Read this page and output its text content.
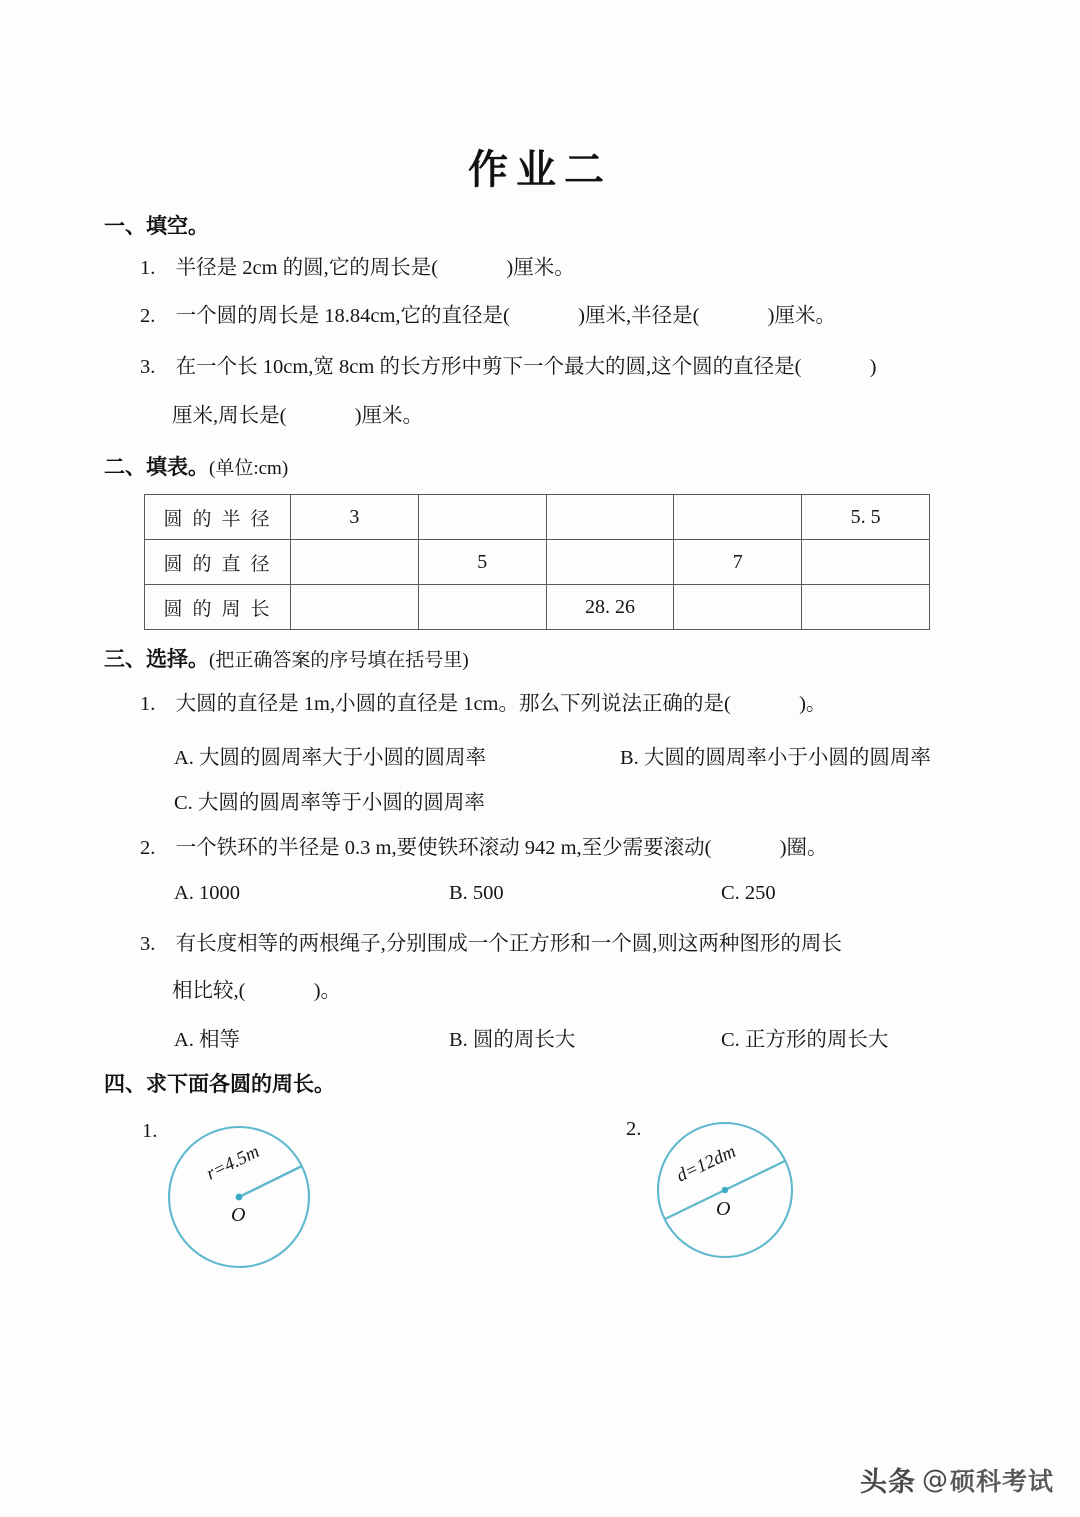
作业二
一、填空。
1. 半径是 2cm 的圆,它的周长是(	)厘米。
2. 一个圆的周长是 18.84cm,它的直径是(	)厘米,半径是(	)厘米。
3. 在一个长 10cm,宽 8cm 的长方形中剪下一个最大的圆,这个圆的直径是(	)
厘米,周长是(	)厘米。
二、填表。(单位:cm)
圆 的 半 径	3				5. 5
圆 的 直 径		5		7	
圆 的 周 长			28. 26		
三、选择。(把正确答案的序号填在括号里)
1. 大圆的直径是 1m,小圆的直径是 1cm。那么下列说法正确的是(	)。
A. 大圆的圆周率大于小圆的圆周率	B. 大圆的圆周率小于小圆的圆周率
C. 大圆的圆周率等于小圆的圆周率
2. 一个铁环的半径是 0.3 m,要使铁环滚动 942 m,至少需要滚动(	)圈。
A. 1000	B. 500	C. 250
3. 有长度相等的两根绳子,分别围成一个正方形和一个圆,则这两种图形的周长
相比较,(	)。
A. 相等	B. 圆的周长大	C. 正方形的周长大
四、求下面各圆的周长。
1.
r=4.5m
O
2.
d=12dm
O
头条 @ 硕科考试
